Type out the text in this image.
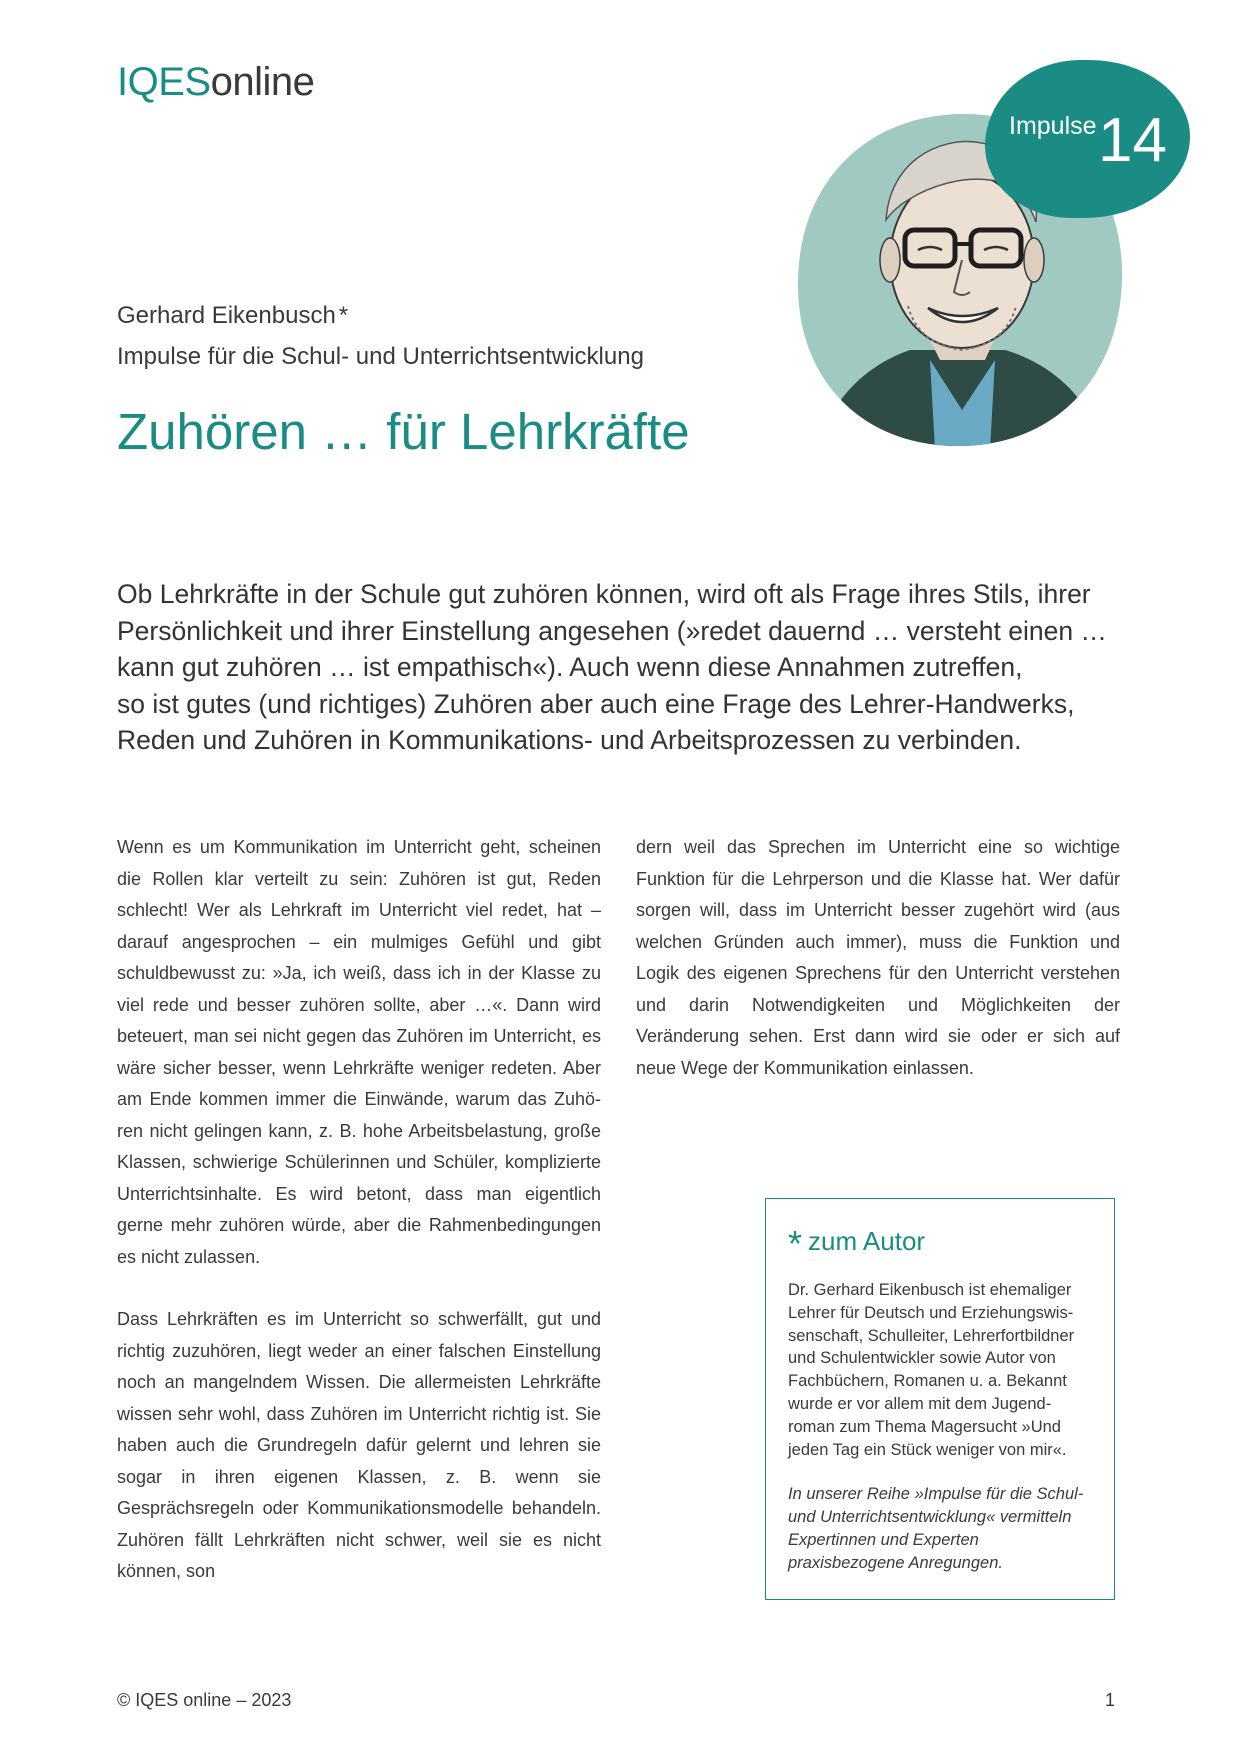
IQESonline
Impulse 14
Gerhard Eikenbusch *
Impulse für die Schul- und Unterrichtsentwicklung
Zuhören … für Lehrkräfte
Ob Lehrkräfte in der Schule gut zuhören können, wird oft als Frage ihres Stils, ihrer
Persönlichkeit und ihrer Einstellung angesehen (»redet dauernd … versteht einen …
kann gut zuhören … ist empathisch«). Auch wenn diese Annahmen zutreffen,
so ist gutes (und richtiges) Zuhören aber auch eine Frage des Lehrer-Handwerks,
Reden und Zuhören in Kommunikations- und Arbeitsprozessen zu verbinden.

Wenn es um Kommunikation im Unterricht geht, scheinen die Rollen klar verteilt zu sein: Zuhören ist gut, Reden schlecht! Wer als Lehrkraft im Unterricht viel redet, hat – darauf angesprochen – ein mulmiges Gefühl und gibt schuldbewusst zu: »Ja, ich weiß, dass ich in der Klasse zu viel rede und besser zuhören sollte, aber …«. Dann wird beteuert, man sei nicht gegen das Zuhören im Unterricht, es wäre sicher besser, wenn Lehrkräfte weniger redeten. Aber am Ende kommen immer die Einwände, warum das Zuhören nicht gelingen kann, z. B. hohe Arbeitsbelastung, große Klassen, schwierige Schülerinnen und Schüler, komplizierte Unterrichtsinhalte. Es wird betont, dass man eigentlich gerne mehr zuhören würde, aber die Rahmenbedingungen es nicht zulassen.

Dass Lehrkräften es im Unterricht so schwerfällt, gut und richtig zuzuhören, liegt weder an einer falschen Einstellung noch an mangelndem Wissen. Die allermeisten Lehrkräfte wissen sehr wohl, dass Zuhören im Unterricht richtig ist. Sie haben auch die Grundregeln dafür gelernt und lehren sie sogar in ihren eigenen Klassen, z. B. wenn sie Gesprächsregeln oder Kommunikationsmodelle behandeln. Zuhören fällt Lehrkräften nicht schwer, weil sie es nicht können, son

dern weil das Sprechen im Unterricht eine so wichtige Funktion für die Lehrperson und die Klasse hat. Wer dafür sorgen will, dass im Unterricht besser zugehört wird (aus welchen Gründen auch immer), muss die Funktion und Logik des eigenen Sprechens für den Unterricht verstehen und darin Notwendigkeiten und Möglichkeiten der Veränderung sehen. Erst dann wird sie oder er sich auf neue Wege der Kommunikation einlassen.

* zum Autor

Dr. Gerhard Eikenbusch ist ehemaliger Lehrer für Deutsch und Erziehungswissenschaft, Schulleiter, Lehrerfortbildner und Schulentwickler sowie Autor von Fachbüchern, Romanen u. a. Bekannt wurde er vor allem mit dem Jugendroman zum Thema Magersucht »Und jeden Tag ein Stück weniger von mir«.

In unserer Reihe »Impulse für die Schul- und Unterrichtsentwicklung« vermitteln Expertinnen und Experten praxisbezogene Anregungen.

© IQES online – 2023	1
